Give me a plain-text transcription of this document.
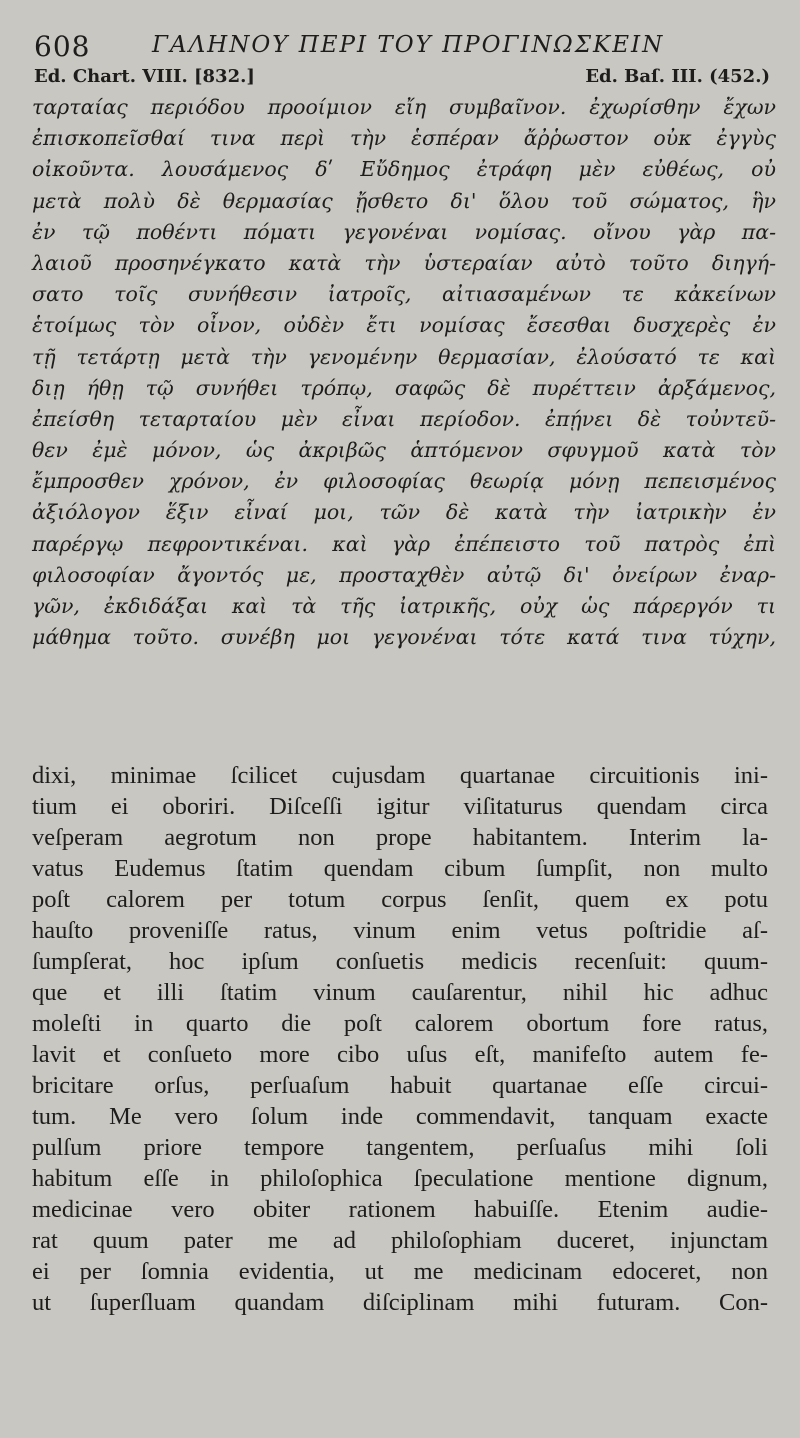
608	ΓΑΛΗΝΟΥ ΠΕΡΙ ΤΟΥ ΠΡΟΓΙΝΩΣΚΕΙΝ
Ed. Chart. VIII. [832.]	Ed. Baſ. III. (452.)
ταρταίας περιόδου προοίμιον εἴη συμβαῖνον. ἐχωρίσθην ἔχων
ἐπισκοπεῖσθαί τινα περὶ τὴν ἑσπέραν ἄῤῥωστον οὐκ ἐγγὺς
οἰκοῦντα. λουσάμενος δʹ Εὔδημος ἐτράφη μὲν εὐθέως, οὐ
μετὰ πολὺ δὲ θερμασίας ᾔσθετο δι' ὅλου τοῦ σώματος, ἣν
ἐν τῷ ποθέντι πόματι γεγονέναι νομίσας. οἴνου γὰρ πα-
λαιοῦ προσηνέγκατο κατὰ τὴν ὑστεραίαν αὐτὸ τοῦτο διηγή-
σατο τοῖς συνήθεσιν ἰατροῖς, αἰτιασαμένων τε κἀκείνων
ἑτοίμως τὸν οἶνον, οὐδὲν ἔτι νομίσας ἔσεσθαι δυσχερὲς ἐν
τῇ τετάρτῃ μετὰ τὴν γενομένην θερμασίαν, ἐλούσατό τε καὶ
διῃ ήθῃ τῷ συνήθει τρόπῳ, σαφῶς δὲ πυρέττειν ἀρξάμενος,
ἐπείσθη τεταρταίου μὲν εἶναι περίοδον. ἐπῄνει δὲ τοὐντεῦ-
θεν ἐμὲ μόνον, ὡς ἀκριβῶς ἁπτόμενον σφυγμοῦ κατὰ τὸν
ἔμπροσθεν χρόνον, ἐν φιλοσοφίας θεωρίᾳ μόνῃ πεπεισμένος
ἀξιόλογον ἕξιν εἶναί μοι, τῶν δὲ κατὰ τὴν ἰατρικὴν ἐν
παρέργῳ πεφροντικέναι. καὶ γὰρ ἐπέπειστο τοῦ πατρὸς ἐπὶ
φιλοσοφίαν ἄγοντός με, προσταχθὲν αὐτῷ δι' ὀνείρων ἐναρ-
γῶν, ἐκδιδάξαι καὶ τὰ τῆς ἰατρικῆς, οὐχ ὡς πάρεργόν τι
μάθημα τοῦτο. συνέβη μοι γεγονέναι τότε κατά τινα τύχην,
dixi, minimae ſcilicet cujusdam quartanae circuitionis ini-
tium ei oboriri. Diſceſſi igitur viſitaturus quendam circa
veſperam aegrotum non prope habitantem. Interim la-
vatus Eudemus ſtatim quendam cibum ſumpſit, non multo
poſt calorem per totum corpus ſenſit, quem ex potu
hauſto proveniſſe ratus, vinum enim vetus poſtridie aſ-
ſumpſerat, hoc ipſum conſuetis medicis recenſuit: quum-
que et illi ſtatim vinum cauſarentur, nihil hic adhuc
moleſti in quarto die poſt calorem obortum fore ratus,
lavit et conſueto more cibo uſus eſt, manifeſto autem fe-
bricitare orſus, perſuaſum habuit quartanae eſſe circui-
tum. Me vero ſolum inde commendavit, tanquam exacte
pulſum priore tempore tangentem, perſuaſus mihi ſoli
habitum eſſe in philoſophica ſpeculatione mentione dignum,
medicinae vero obiter rationem habuiſſe. Etenim audie-
rat quum pater me ad philoſophiam duceret, injunctam
ei per ſomnia evidentia, ut me medicinam edoceret, non
ut ſuperſluam quandam diſciplinam mihi futuram. Con-
